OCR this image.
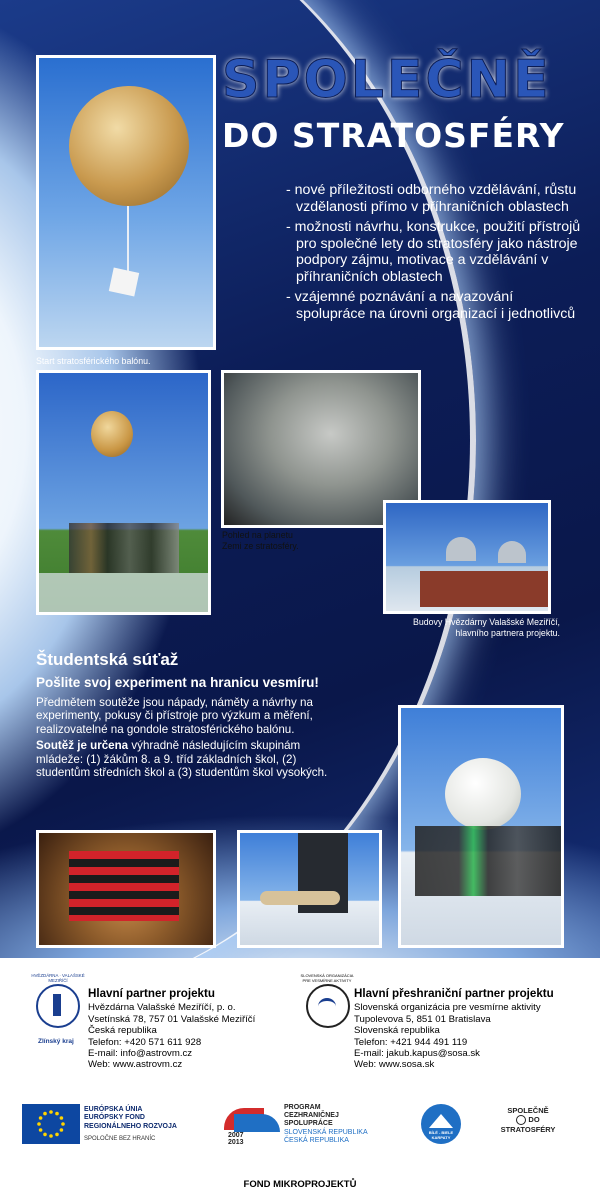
SPOLEČNĚ
DO STRATOSFÉRY
- nové příležitosti odborného vzdělávání, růstu vzdělanosti přímo v příhraničních oblastech
- možnosti návrhu, konstrukce, použití přístrojů pro společné lety do stratosféry jako nástroje podpory zájmu, motivace a vzdělávání v příhraničních oblastech
- vzájemné poznávání a navazování spolupráce na úrovni organizací i jednotlivců
Start stratosférického balónu.
Pohled na planetu Zemi ze stratosféry.
Budovy Hvězdárny Valašské Meziříčí, hlavního partnera projektu.
Študentská súťaž
Pošlite svoj experiment na hranicu vesmíru!
Předmětem soutěže jsou nápady, náměty a návrhy na experimenty, pokusy či přístroje pro výzkum a měření, realizovatelné na gondole stratosférického balónu.
Soutěž je určena výhradně následujícím skupinám mládeže: (1) žákům 8. a 9. tříd základních škol, (2) studentům středních škol a (3) studentům škol vysokých.
HVĚZDÁRNA · VALAŠSKÉ MEZIŘÍČÍ
Zlínský kraj
Hlavní partner projektu
Hvězdárna Valašské Meziříčí, p. o.
Vsetínská 78, 757 01 Valašské Meziříčí
Česká republika
Telefon: +420 571 611 928
E-mail: info@astrovm.cz
Web: www.astrovm.cz
SLOVENSKÁ ORGANIZÁCIA PRE VESMÍRNE AKTIVITY
Hlavní přeshraniční partner projektu
Slovenská organizácia pre vesmírne aktivity
Tupolevova 5, 851 01 Bratislava
Slovenská republika
Telefon: +421 944 491 119
E-mail: jakub.kapus@sosa.sk
Web: www.sosa.sk
EURÓPSKA ÚNIA
EURÓPSKY FOND
REGIONÁLNEHO ROZVOJA
SPOLOČNE BEZ HRANÍC
2007
2013
PROGRAM
CEZHRANIČNEJ
SPOLUPRÁCE
SLOVENSKÁ REPUBLIKA
ČESKÁ REPUBLIKA
BÍLÉ - BIELE KARPATY
SPOLEČNĚ
DO
STRATOSFÉRY
FOND MIKROPROJEKTŮ
